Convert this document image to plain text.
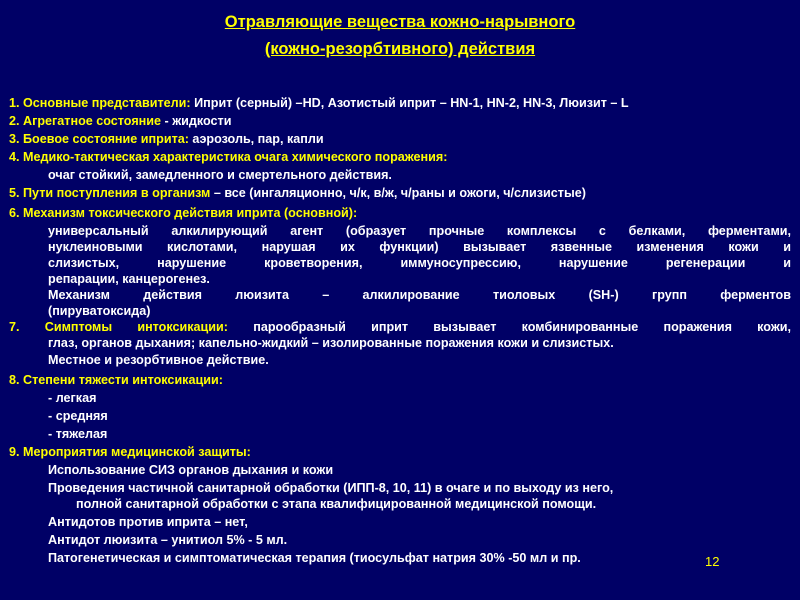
Отравляющие вещества кожно-нарывного
(кожно-резорбтивного) действия
1. Основные представители: Иприт (серный) –HD, Азотистый иприт – HN-1, HN-2, HN-3, Люизит – L
2. Агрегатное состояние - жидкости
3. Боевое состояние иприта: аэрозоль, пар, капли
4. Медико-тактическая характеристика очага химического поражения:
очаг стойкий, замедленного и смертельного действия.
5. Пути поступления в организм – все (ингаляционно, ч/к, в/ж, ч/раны и ожоги, ч/слизистые)
6. Механизм токсического действия иприта (основной):
универсальный алкилирующий агент (образует прочные комплексы с белками, ферментами,
нуклеиновыми кислотами, нарушая их функции) вызывает язвенные изменения кожи и
слизистых, нарушение кроветворения, иммуносупрессию, нарушение регенерации и
репарации, канцерогенез.
Механизм действия люизита – алкилирование тиоловых (SH-) групп ферментов
(пируватоксида)
7. Симптомы интоксикации: парообразный иприт вызывает комбинированные поражения кожи,
глаз, органов дыхания; капельно-жидкий – изолированные поражения кожи и слизистых.
Местное и резорбтивное действие.
8. Степени тяжести интоксикации:
- легкая
- средняя
- тяжелая
9. Мероприятия медицинской защиты:
Использование СИЗ органов дыхания и кожи
Проведения частичной санитарной обработки (ИПП-8, 10, 11) в очаге и по выходу из него,
полной санитарной обработки с этапа квалифицированной медицинской помощи.
Антидотов против иприта – нет,
Антидот люизита – унитиол 5% - 5 мл.
Патогенетическая и симптоматическая терапия (тиосульфат натрия 30% -50 мл и пр.	12
